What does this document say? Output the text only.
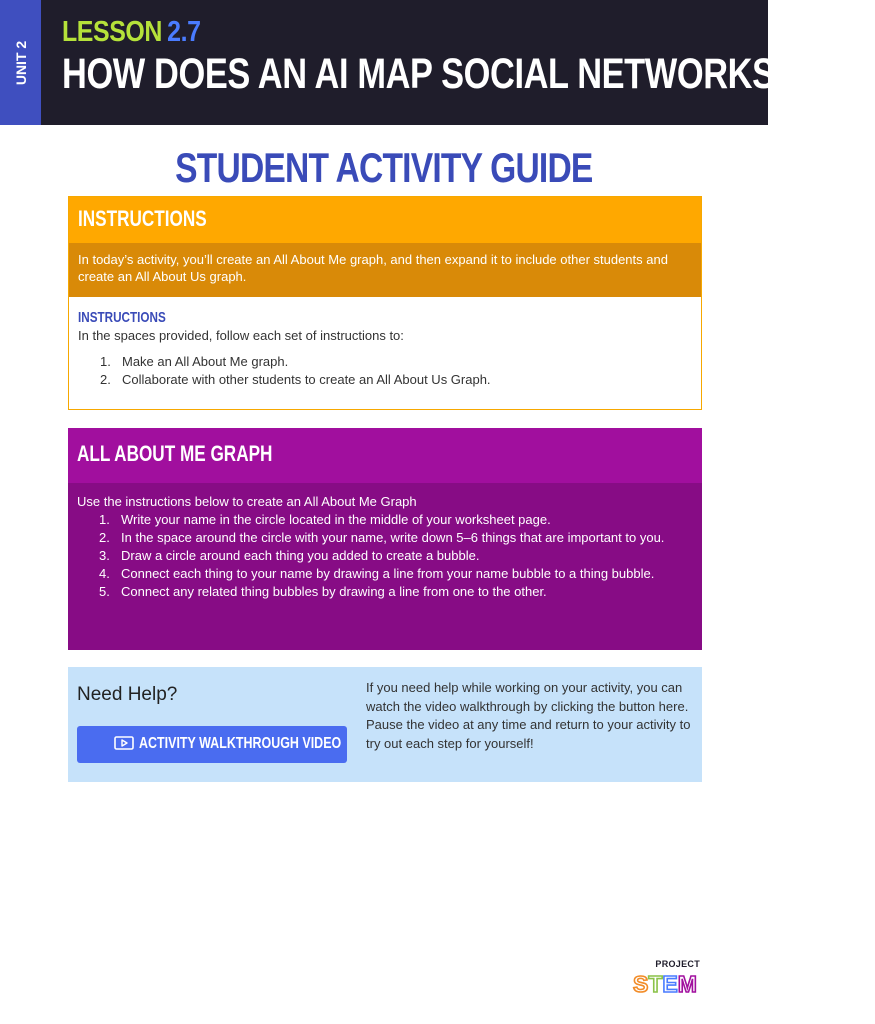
UNIT 2
LESSON 2.7
HOW DOES AN AI MAP SOCIAL NETWORKS? PT 1
STUDENT ACTIVITY GUIDE
INSTRUCTIONS
In today’s activity, you’ll create an All About Me graph, and then expand it to include other students and create an All About Us graph.
INSTRUCTIONS
In the spaces provided, follow each set of instructions to:
1. Make an All About Me graph.
2. Collaborate with other students to create an All About Us Graph.
ALL ABOUT ME GRAPH
Use the instructions below to create an All About Me Graph
1. Write your name in the circle located in the middle of your worksheet page.
2. In the space around the circle with your name, write down 5–6 things that are important to you.
3. Draw a circle around each thing you added to create a bubble.
4. Connect each thing to your name by drawing a line from your name bubble to a thing bubble.
5. Connect any related thing bubbles by drawing a line from one to the other.
Need Help?
ACTIVITY WALKTHROUGH VIDEO
If you need help while working on your activity, you can watch the video walkthrough by clicking the button here. Pause the video at any time and return to your activity to try out each step for yourself!
PROJECT
STEM
